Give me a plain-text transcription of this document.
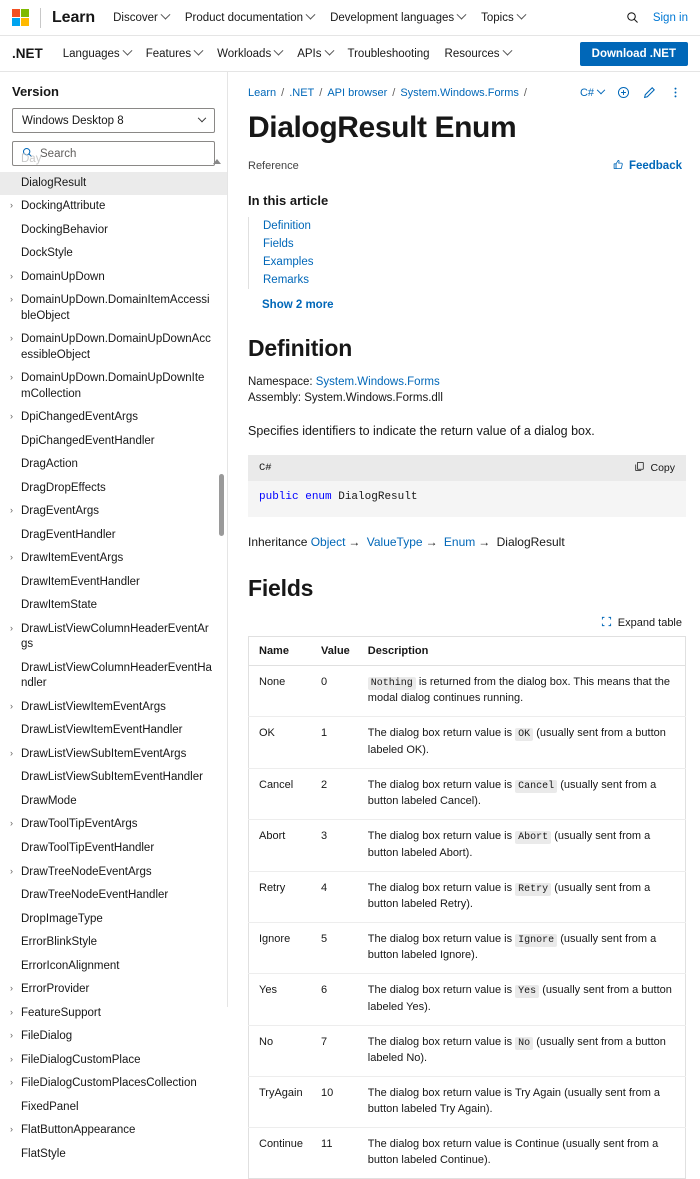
Learn Discover Product documentation Development languages Topics	Sign in
.NET Languages Features Workloads APIs Troubleshooting Resources	Download .NET
Version
Windows Desktop 8
Search
Day
DialogResult
› DockingAttribute
DockingBehavior
DockStyle
› DomainUpDown
› DomainUpDown.DomainItemAccessibleObject
› DomainUpDown.DomainUpDownAccessibleObject
› DomainUpDown.DomainUpDownItemCollection
› DpiChangedEventArgs
DpiChangedEventHandler
DragAction
DragDropEffects
› DragEventArgs
DragEventHandler
› DrawItemEventArgs
DrawItemEventHandler
DrawItemState
› DrawListViewColumnHeaderEventArgs
DrawListViewColumnHeaderEventHandler
› DrawListViewItemEventArgs
DrawListViewItemEventHandler
› DrawListViewSubItemEventArgs
DrawListViewSubItemEventHandler
DrawMode
› DrawToolTipEventArgs
DrawToolTipEventHandler
› DrawTreeNodeEventArgs
DrawTreeNodeEventHandler
DropImageType
ErrorBlinkStyle
ErrorIconAlignment
› ErrorProvider
› FeatureSupport
› FileDialog
› FileDialogCustomPlace
› FileDialogCustomPlacesCollection
FixedPanel
› FlatButtonAppearance
FlatStyle
Learn / .NET / API browser / System.Windows.Forms /	C#
DialogResult Enum
Reference	Feedback
In this article
Definition
Fields
Examples
Remarks
Show 2 more
Definition
Namespace: System.Windows.Forms
Assembly: System.Windows.Forms.dll

Specifies identifiers to indicate the return value of a dialog box.

C#	Copy
public enum DialogResult
Inheritance Object → ValueType → Enum → DialogResult
Fields
Expand table
Name	Value	Description
None	0	Nothing is returned from the dialog box. This means that the modal dialog continues running.
OK	1	The dialog box return value is OK (usually sent from a button labeled OK).
Cancel	2	The dialog box return value is Cancel (usually sent from a button labeled Cancel).
Abort	3	The dialog box return value is Abort (usually sent from a button labeled Abort).
Retry	4	The dialog box return value is Retry (usually sent from a button labeled Retry).
Ignore	5	The dialog box return value is Ignore (usually sent from a button labeled Ignore).
Yes	6	The dialog box return value is Yes (usually sent from a button labeled Yes).
No	7	The dialog box return value is No (usually sent from a button labeled No).
TryAgain	10	The dialog box return value is Try Again (usually sent from a button labeled Try Again).
Continue	11	The dialog box return value is Continue (usually sent from a button labeled Continue).
